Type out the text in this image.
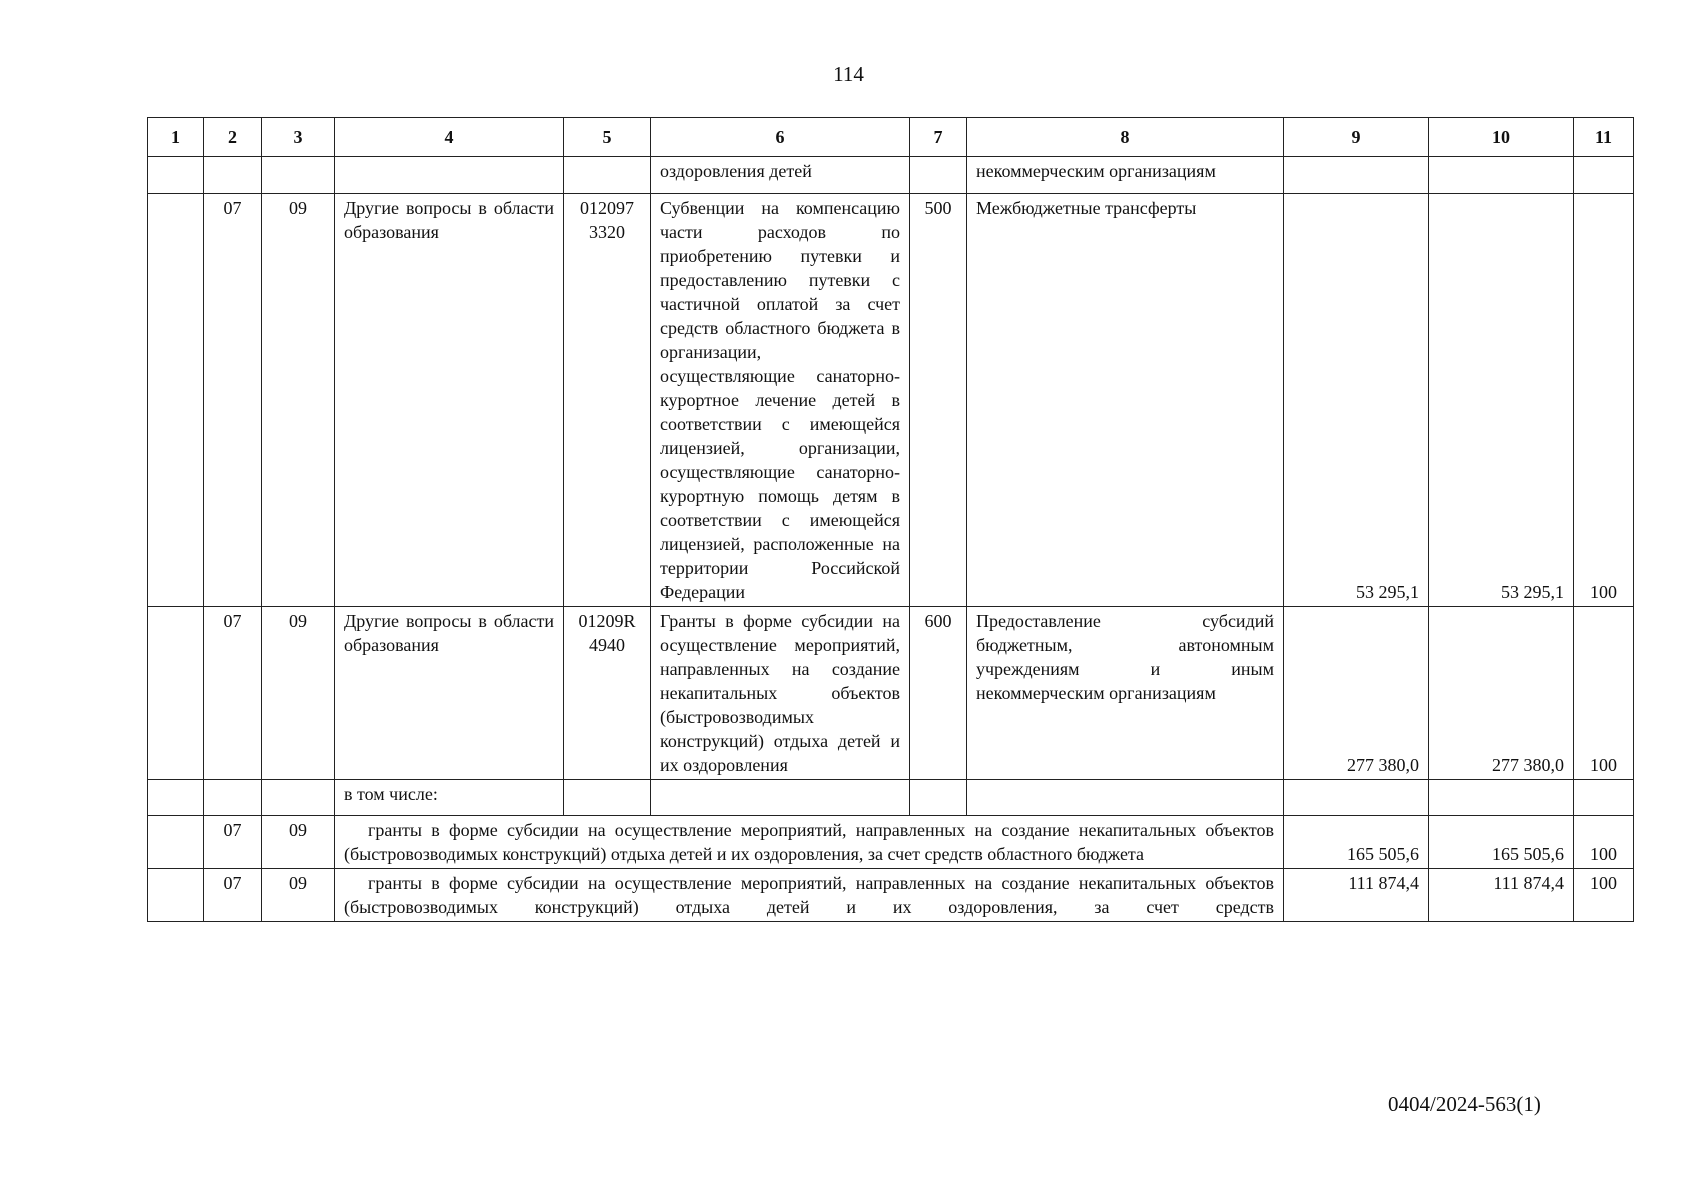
114
1	2	3	4	5	6	7	8	9	10	11
					оздоровления детей		некоммерческим организациям			
	07	09	Другие вопросы в области образования	012097 3320	Субвенции на компенсацию части расходов по приобретению путевки и предоставлению путевки с частичной оплатой за счет средств областного бюджета в организации, осуществляющие санаторно-курортное лечение детей в соответствии с имеющейся лицензией, организации, осуществляющие санаторно-курортную помощь детям в соответствии с имеющейся лицензией, расположенные на территории Российской Федерации	500	Межбюджетные трансферты	53 295,1	53 295,1	100
	07	09	Другие вопросы в области образования	01209R 4940	Гранты в форме субсидии на осуществление мероприятий, направленных на создание некапитальных объектов (быстровозводимых конструкций) отдыха детей и их оздоровления	600	Предоставление субсидий бюджетным, автономным учреждениям и иным некоммерческим организациям	277 380,0	277 380,0	100
			в том числе:							
	07	09	гранты в форме субсидии на осуществление мероприятий, направленных на создание некапитальных объектов (быстровозводимых конструкций) отдыха детей и их оздоровления, за счет средств областного бюджета					165 505,6	165 505,6	100
	07	09	гранты в форме субсидии на осуществление мероприятий, направленных на создание некапитальных объектов (быстровозводимых конструкций) отдыха детей и их оздоровления, за счет средств					111 874,4	111 874,4	100
0404/2024-563(1)
